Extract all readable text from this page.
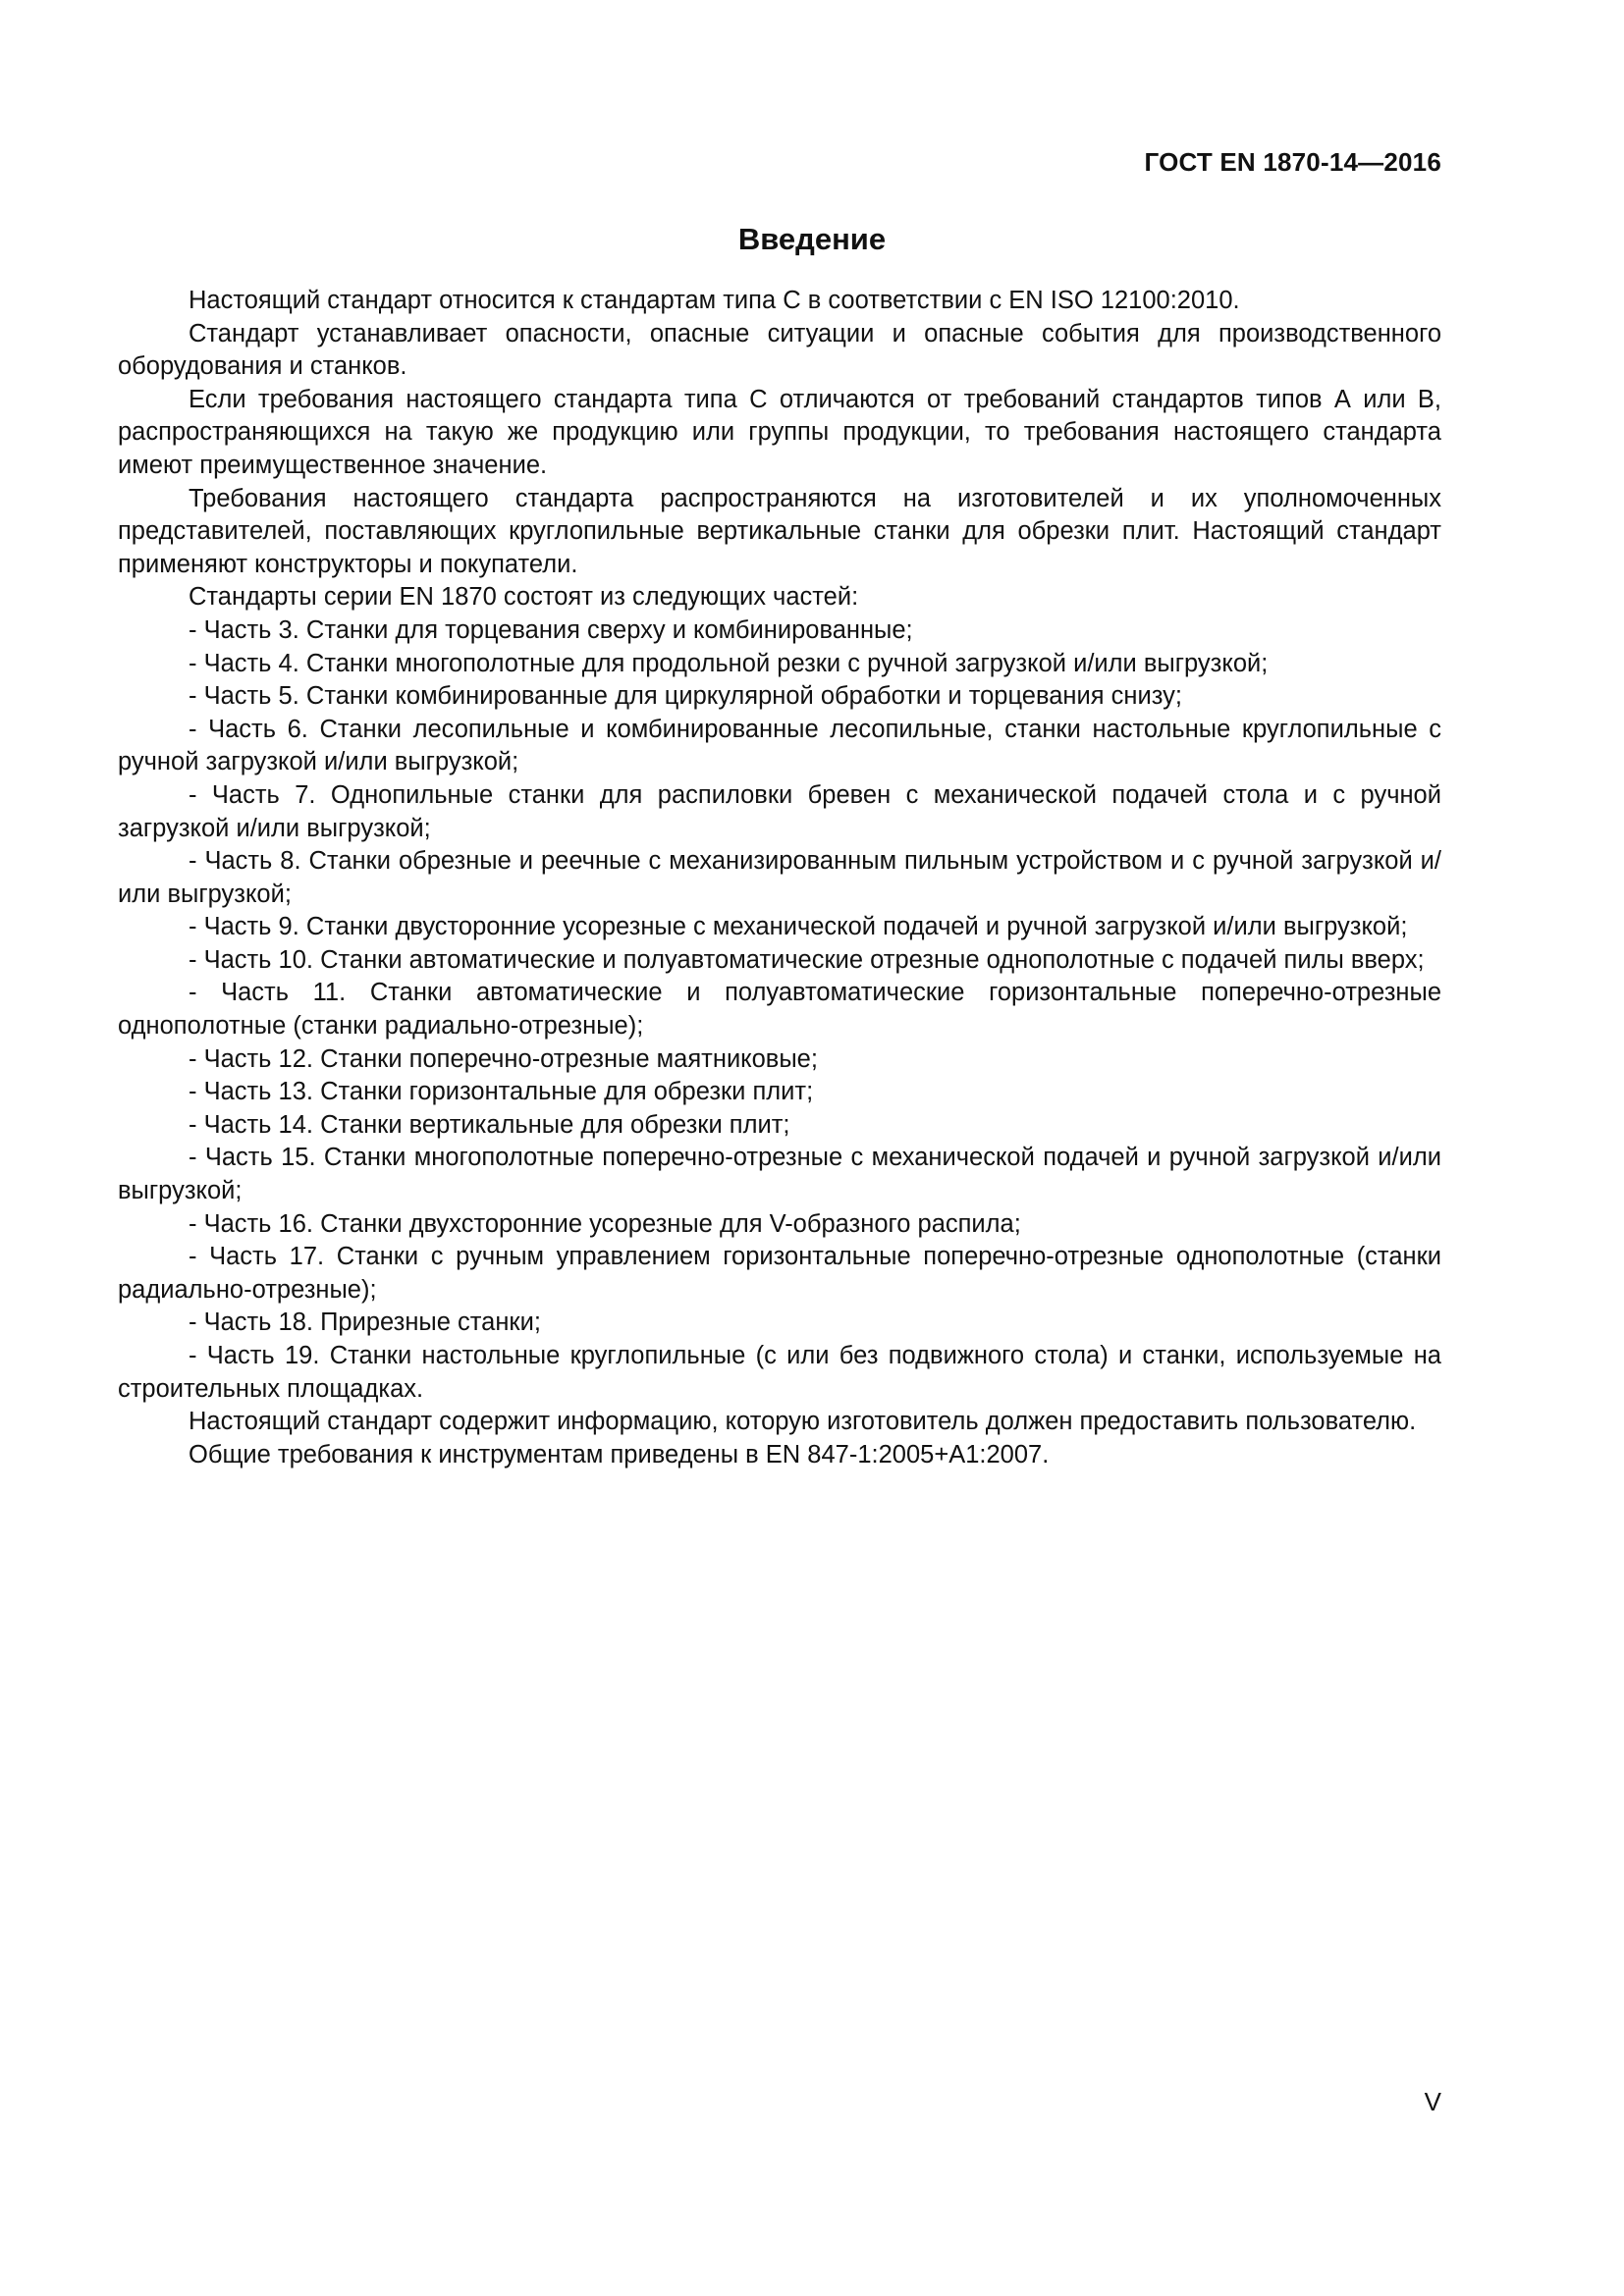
ГОСТ EN 1870-14—2016

Введение

Настоящий стандарт относится к стандартам типа С в соответствии с EN ISO 12100:2010.

Стандарт устанавливает опасности, опасные ситуации и опасные события для производственного оборудования и станков.

Если требования настоящего стандарта типа С отличаются от требований стандартов типов А или В, распространяющихся на такую же продукцию или группы продукции, то требования настоящего стандарта имеют преимущественное значение.

Требования настоящего стандарта распространяются на изготовителей и их уполномоченных представителей, поставляющих круглопильные вертикальные станки для обрезки плит. Настоящий стандарт применяют конструкторы и покупатели.

Стандарты серии EN 1870 состоят из следующих частей:

- Часть 3. Станки для торцевания сверху и комбинированные;

- Часть 4. Станки многополотные для продольной резки с ручной загрузкой и/или выгрузкой;

- Часть 5. Станки комбинированные для циркулярной обработки и торцевания снизу;

- Часть 6. Станки лесопильные и комбинированные лесопильные, станки настольные круглопильные с ручной загрузкой и/или выгрузкой;

- Часть 7. Однопильные станки для распиловки бревен с механической подачей стола и с ручной загрузкой и/или выгрузкой;

- Часть 8. Станки обрезные и реечные с механизированным пильным устройством и с ручной загрузкой и/или выгрузкой;

- Часть 9. Станки двусторонние усорезные с механической подачей и ручной загрузкой и/или выгрузкой;

- Часть 10. Станки автоматические и полуавтоматические отрезные однополотные с подачей пилы вверх;

- Часть 11. Станки автоматические и полуавтоматические горизонтальные поперечно-отрезные однополотные (станки радиально-отрезные);

- Часть 12. Станки поперечно-отрезные маятниковые;

- Часть 13. Станки горизонтальные для обрезки плит;

- Часть 14. Станки вертикальные для обрезки плит;

- Часть 15. Станки многополотные поперечно-отрезные с механической подачей и ручной загрузкой и/или выгрузкой;

- Часть 16. Станки двухсторонние усорезные для V-образного распила;

- Часть 17. Станки с ручным управлением горизонтальные поперечно-отрезные однополотные (станки радиально-отрезные);

- Часть 18. Прирезные станки;

- Часть 19. Станки настольные круглопильные (с или без подвижного стола) и станки, используемые на строительных площадках.

Настоящий стандарт содержит информацию, которую изготовитель должен предоставить пользователю.

Общие требования к инструментам приведены в EN 847-1:2005+А1:2007.

V
